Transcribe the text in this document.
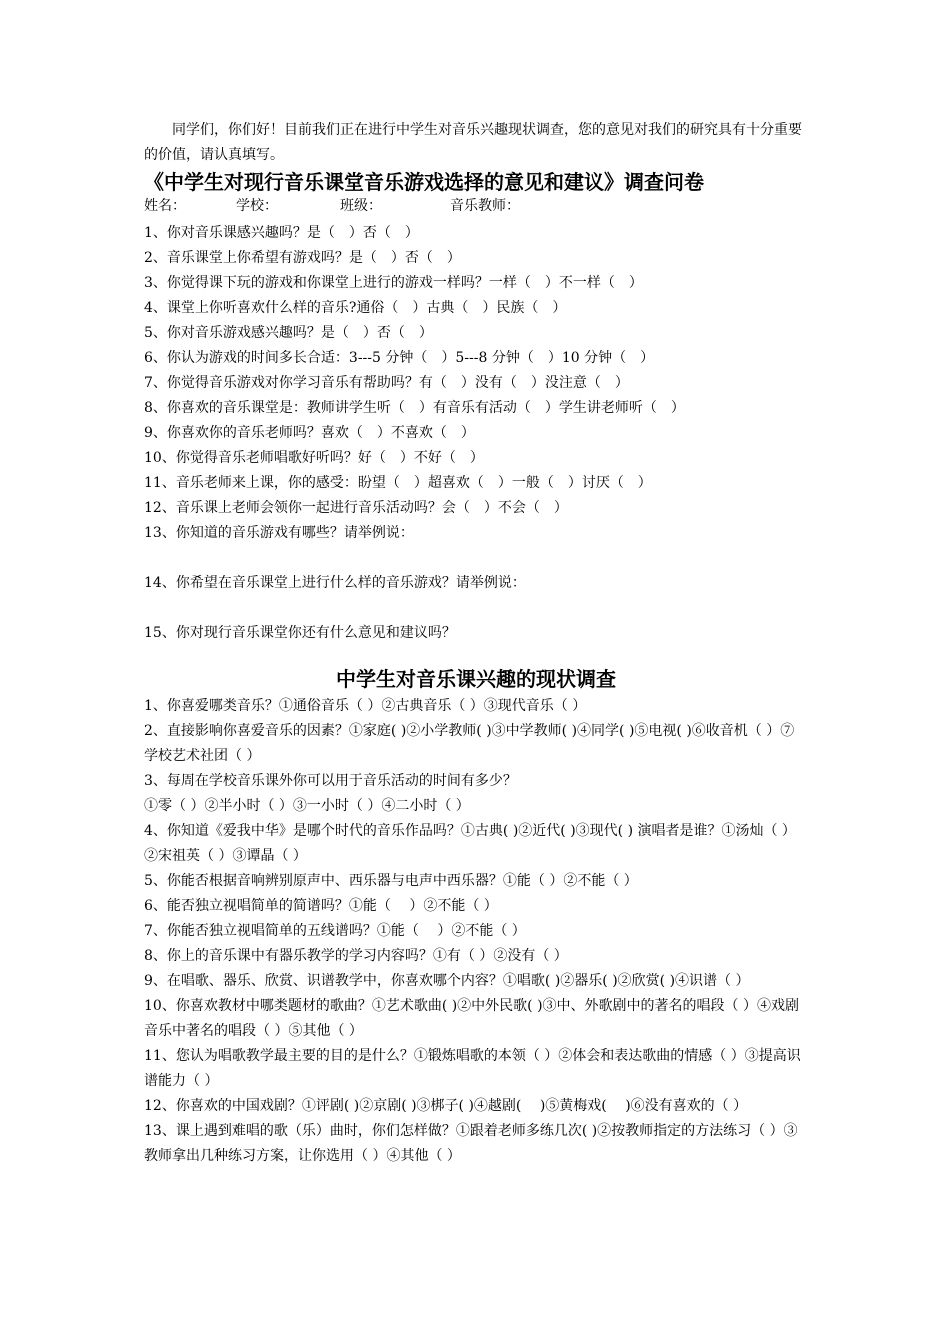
同学们，你们好！目前我们正在进行中学生对音乐兴趣现状调查，您的意见对我们的研究具有十分重要的价值，请认真填写。

《中学生对现行音乐课堂音乐游戏选择的意见和建议》调查问卷

姓名：	学校：	班级：	音乐教师：

1、你对音乐课感兴趣吗？是（　）否（　）

2、音乐课堂上你希望有游戏吗？是（　）否（　）

3、你觉得课下玩的游戏和你课堂上进行的游戏一样吗？一样（　）不一样（　）

4、课堂上你听喜欢什么样的音乐?通俗（　）古典（　）民族（　）

5、你对音乐游戏感兴趣吗？是（　）否（　）

6、你认为游戏的时间多长合适：3---5 分钟（　）5---8 分钟（　）10 分钟（　）

7、你觉得音乐游戏对你学习音乐有帮助吗？有（　）没有（　）没注意（　）

8、你喜欢的音乐课堂是：教师讲学生听（　）有音乐有活动（　）学生讲老师听（　）

9、你喜欢你的音乐老师吗？喜欢（　）不喜欢（　）

10、你觉得音乐老师唱歌好听吗？好（　）不好（　）

11、音乐老师来上课，你的感受：盼望（　）超喜欢（　）一般（　）讨厌（　）

12、音乐课上老师会领你一起进行音乐活动吗？会（　）不会（　）

13、你知道的音乐游戏有哪些？请举例说：

14、你希望在音乐课堂上进行什么样的音乐游戏？请举例说：

15、你对现行音乐课堂你还有什么意见和建议吗？

中学生对音乐课兴趣的现状调查

1、你喜爱哪类音乐？①通俗音乐（ ）②古典音乐（ ）③现代音乐（ ）

2、直接影响你喜爱音乐的因素？①家庭( )②小学教师( )③中学教师( )④同学( )⑤电视( )⑥收音机（ ）⑦学校艺术社团（ ）

3、每周在学校音乐课外你可以用于音乐活动的时间有多少？

①零（ ）②半小时（ ）③一小时（ ）④二小时（ ）

4、你知道《爱我中华》是哪个时代的音乐作品吗？①古典( )②近代( )③现代( ) 演唱者是谁？①汤灿（ ）②宋祖英（ ）③谭晶（ ）

5、你能否根据音响辨别原声中、西乐器与电声中西乐器？①能（ ）②不能（ ）

6、能否独立视唱简单的简谱吗？①能（　 ）②不能（ ）

7、你能否独立视唱简单的五线谱吗？①能（　 ）②不能（ ）

8、你上的音乐课中有器乐教学的学习内容吗？①有（ ）②没有（ ）

9、在唱歌、器乐、欣赏、识谱教学中，你喜欢哪个内容？①唱歌( )②器乐( )②欣赏( )④识谱（ ）

10、你喜欢教材中哪类题材的歌曲？①艺术歌曲( )②中外民歌( )③中、外歌剧中的著名的唱段（ ）④戏剧音乐中著名的唱段（ ）⑤其他（ ）

11、您认为唱歌教学最主要的目的是什么？①锻炼唱歌的本领（ ）②体会和表达歌曲的情感（ ）③提高识谱能力（ ）

12、你喜欢的中国戏剧？①评剧( )②京剧( )③梆子( )④越剧(　 )⑤黄梅戏(　 )⑥没有喜欢的（ ）

13、课上遇到难唱的歌（乐）曲时，你们怎样做？①跟着老师多练几次( )②按教师指定的方法练习（ ）③教师拿出几种练习方案，让你选用（ ）④其他（ ）
